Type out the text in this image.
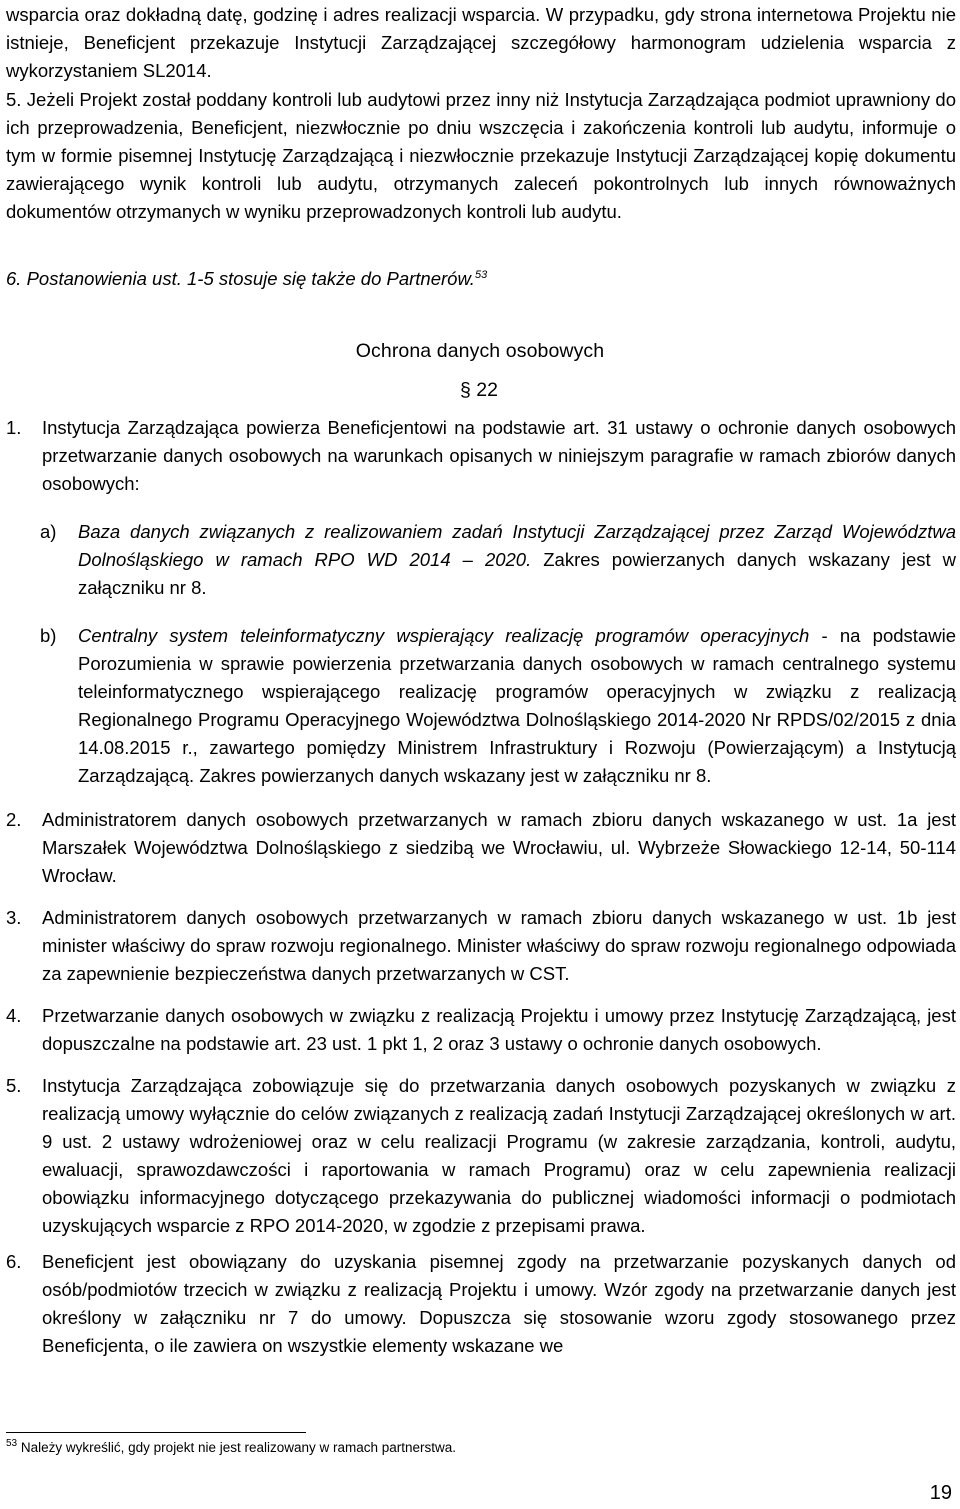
wsparcia oraz dokładną datę, godzinę i adres realizacji wsparcia. W przypadku, gdy strona internetowa Projektu nie istnieje, Beneficjent przekazuje Instytucji Zarządzającej szczegółowy harmonogram udzielenia wsparcia z wykorzystaniem SL2014.
5. Jeżeli Projekt został poddany kontroli lub audytowi przez inny niż Instytucja Zarządzająca podmiot uprawniony do ich przeprowadzenia, Beneficjent, niezwłocznie po dniu wszczęcia i zakończenia kontroli lub audytu, informuje o tym w formie pisemnej Instytucję Zarządzającą i niezwłocznie przekazuje Instytucji Zarządzającej kopię dokumentu zawierającego wynik kontroli lub audytu, otrzymanych zaleceń pokontrolnych lub innych równoważnych dokumentów otrzymanych w wyniku przeprowadzonych kontroli lub audytu.
6. Postanowienia ust. 1-5 stosuje się także do Partnerów.$^{53}$
Ochrona danych osobowych
§ 22
1. Instytucja Zarządzająca powierza Beneficjentowi na podstawie art. 31 ustawy o ochronie danych osobowych przetwarzanie danych osobowych na warunkach opisanych w niniejszym paragrafie w ramach zbiorów danych osobowych:
a) Baza danych związanych z realizowaniem zadań Instytucji Zarządzającej przez Zarząd Województwa Dolnośląskiego w ramach RPO WD 2014 – 2020. Zakres powierzanych danych wskazany jest w załączniku nr 8.
b) Centralny system teleinformatyczny wspierający realizację programów operacyjnych - na podstawie Porozumienia w sprawie powierzenia przetwarzania danych osobowych w ramach centralnego systemu teleinformatycznego wspierającego realizację programów operacyjnych w związku z realizacją Regionalnego Programu Operacyjnego Województwa Dolnośląskiego 2014-2020 Nr RPDS/02/2015 z dnia 14.08.2015 r., zawartego pomiędzy Ministrem Infrastruktury i Rozwoju (Powierzającym) a Instytucją Zarządzającą. Zakres powierzanych danych wskazany jest w załączniku nr 8.
2. Administratorem danych osobowych przetwarzanych w ramach zbioru danych wskazanego w ust. 1a jest Marszałek Województwa Dolnośląskiego z siedzibą we Wrocławiu, ul. Wybrzeże Słowackiego 12-14, 50-114 Wrocław.
3. Administratorem danych osobowych przetwarzanych w ramach zbioru danych wskazanego w ust. 1b jest minister właściwy do spraw rozwoju regionalnego. Minister właściwy do spraw rozwoju regionalnego odpowiada za zapewnienie bezpieczeństwa danych przetwarzanych w CST.
4. Przetwarzanie danych osobowych w związku z realizacją Projektu i umowy przez Instytucję Zarządzającą, jest dopuszczalne na podstawie art. 23 ust. 1 pkt 1, 2 oraz 3 ustawy o ochronie danych osobowych.
5. Instytucja Zarządzająca zobowiązuje się do przetwarzania danych osobowych pozyskanych w związku z realizacją umowy wyłącznie do celów związanych z realizacją zadań Instytucji Zarządzającej określonych w art. 9 ust. 2 ustawy wdrożeniowej oraz w celu realizacji Programu (w zakresie zarządzania, kontroli, audytu, ewaluacji, sprawozdawczości i raportowania w ramach Programu) oraz w celu zapewnienia realizacji obowiązku informacyjnego dotyczącego przekazywania do publicznej wiadomości informacji o podmiotach uzyskujących wsparcie z RPO 2014-2020, w zgodzie z przepisami prawa.
6. Beneficjent jest obowiązany do uzyskania pisemnej zgody na przetwarzanie pozyskanych danych od osób/podmiotów trzecich w związku z realizacją Projektu i umowy. Wzór zgody na przetwarzanie danych jest określony w załączniku nr 7 do umowy. Dopuszcza się stosowanie wzoru zgody stosowanego przez Beneficjenta, o ile zawiera on wszystkie elementy wskazane we
$^{53}$ Należy wykreślić, gdy projekt nie jest realizowany w ramach partnerstwa.
19
